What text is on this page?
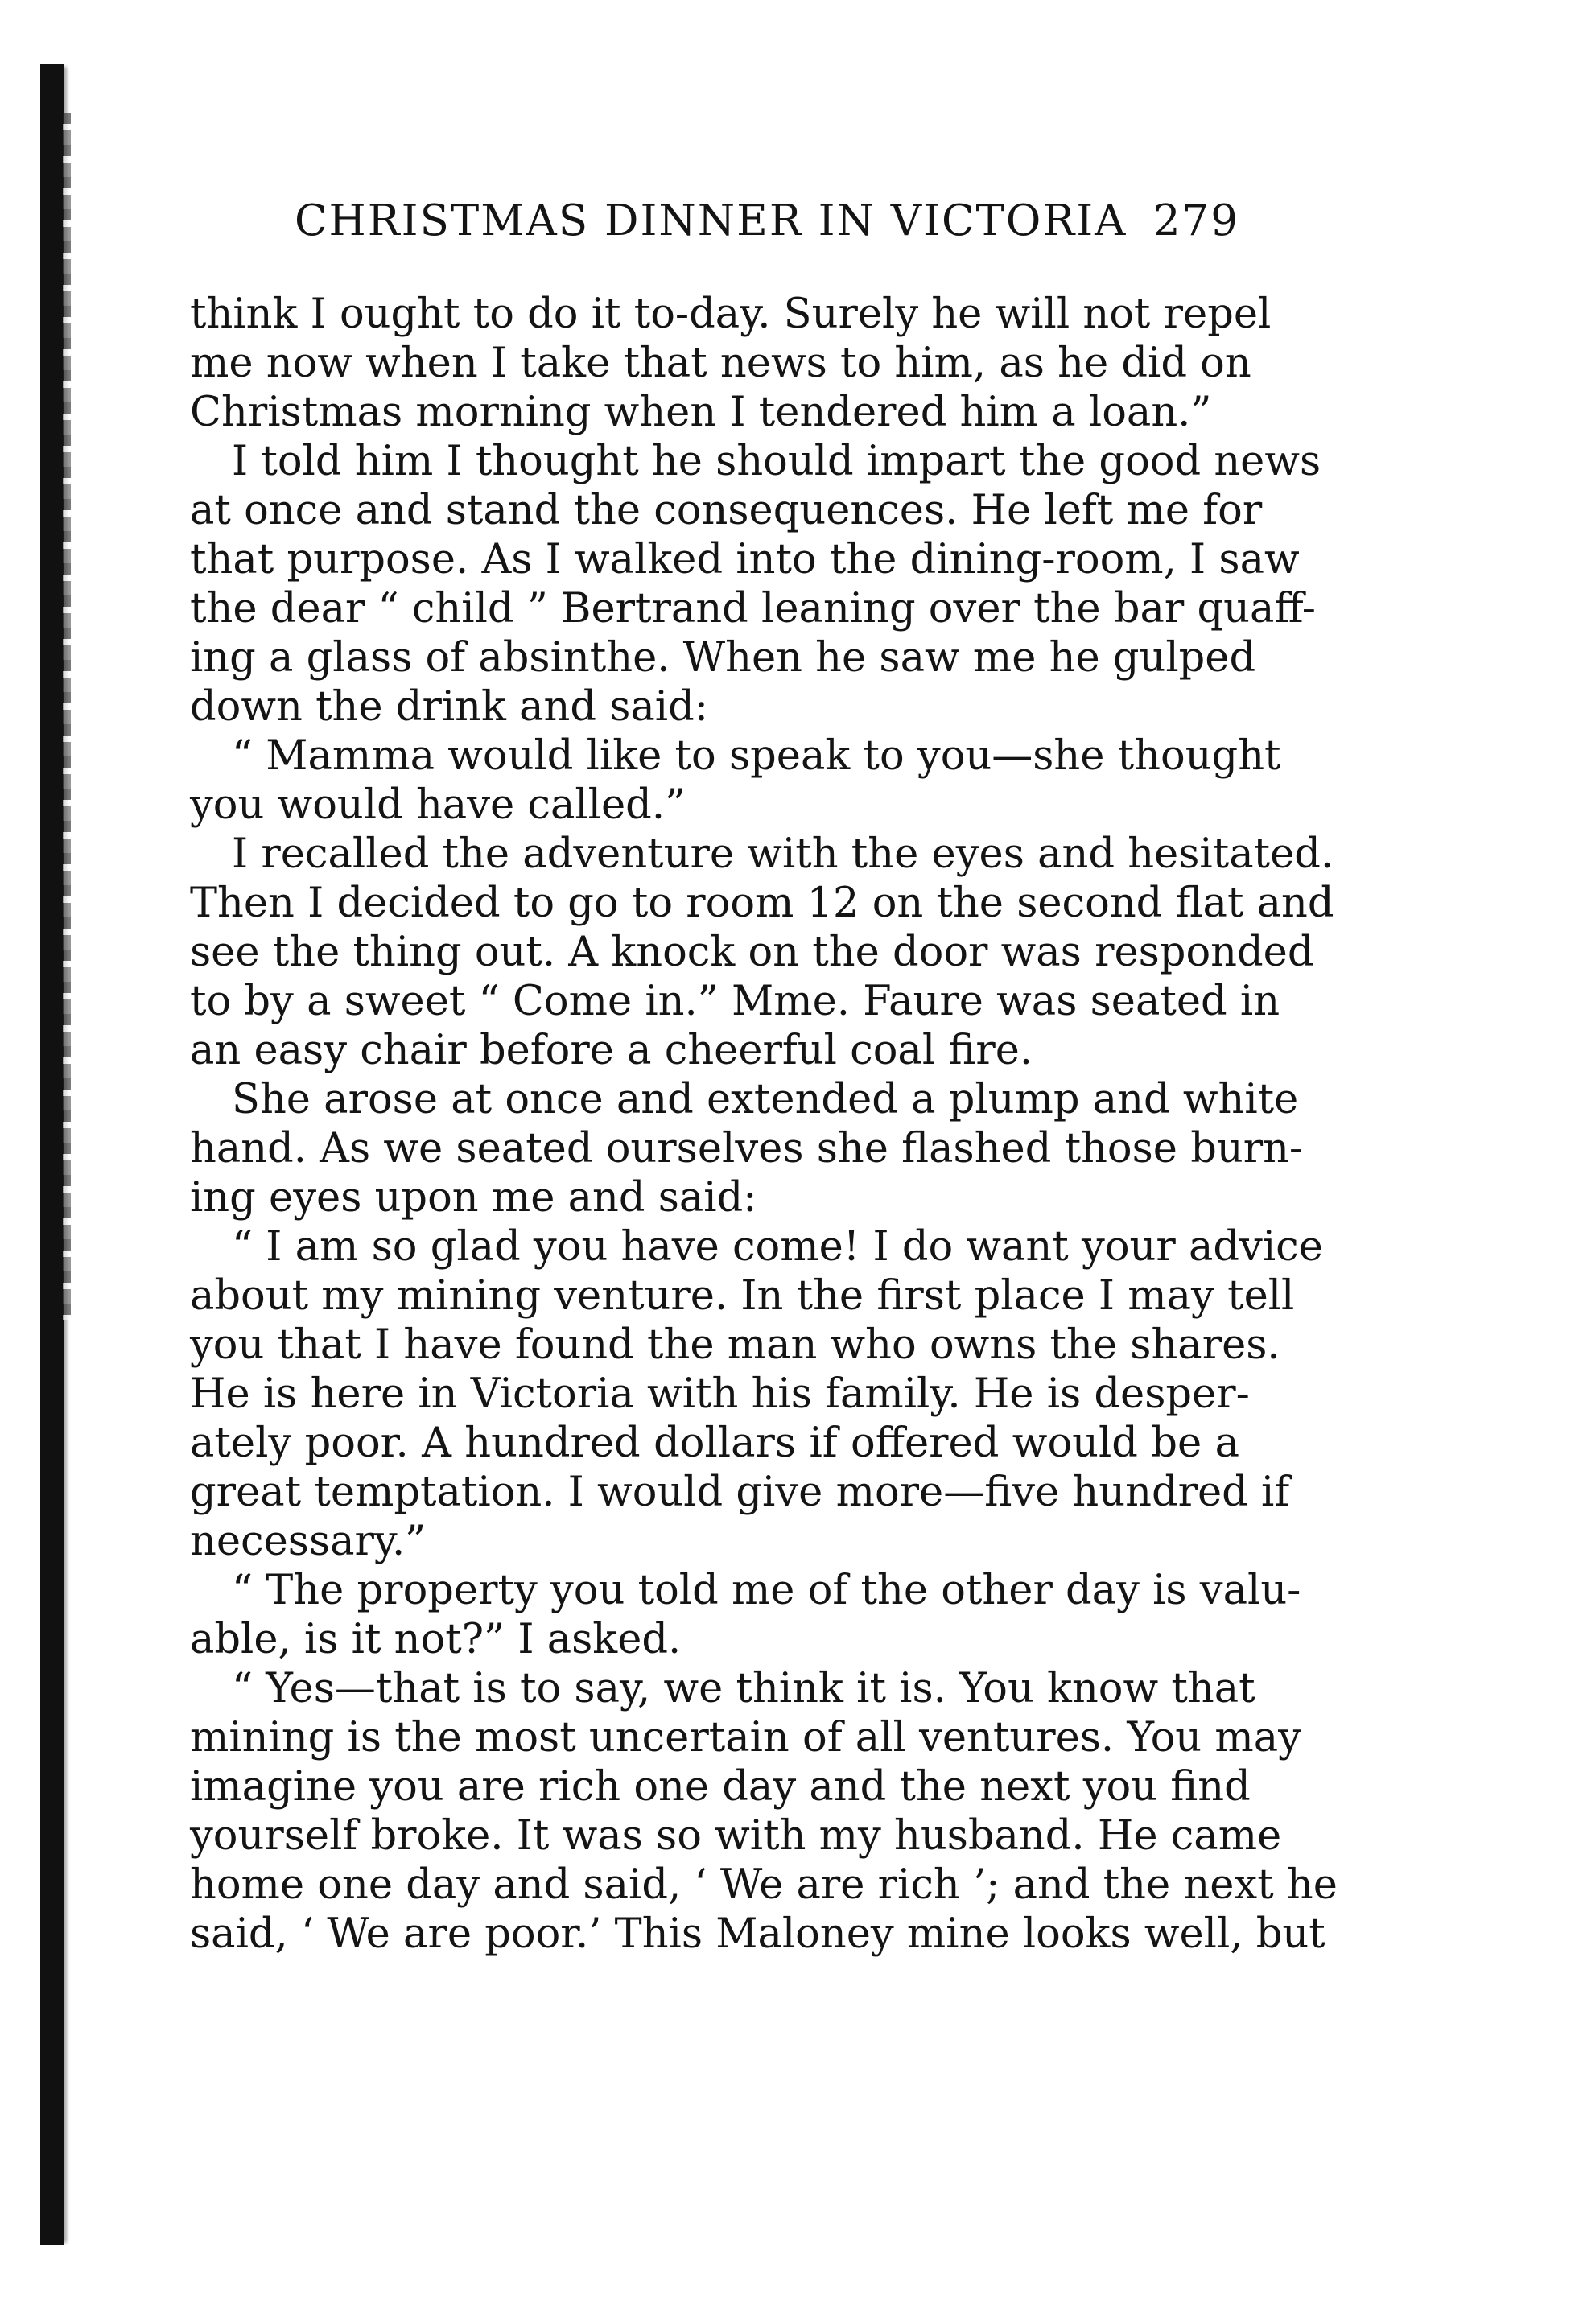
CHRISTMAS DINNER IN VICTORIA 279
think I ought to do it to-day. Surely he will not repel
me now when I take that news to him, as he did on
Christmas morning when I tendered him a loan.”
I told him I thought he should impart the good news
at once and stand the consequences. He left me for
that purpose. As I walked into the dining-room, I saw
the dear “ child ” Bertrand leaning over the bar quaff-
ing a glass of absinthe. When he saw me he gulped
down the drink and said:
“ Mamma would like to speak to you—she thought
you would have called.”
I recalled the adventure with the eyes and hesitated.
Then I decided to go to room 12 on the second flat and
see the thing out. A knock on the door was responded
to by a sweet “ Come in.” Mme. Faure was seated in
an easy chair before a cheerful coal fire.
She arose at once and extended a plump and white
hand. As we seated ourselves she flashed those burn-
ing eyes upon me and said:
“ I am so glad you have come! I do want your advice
about my mining venture. In the first place I may tell
you that I have found the man who owns the shares.
He is here in Victoria with his family. He is desper-
ately poor. A hundred dollars if offered would be a
great temptation. I would give more—five hundred if
necessary.”
“ The property you told me of the other day is valu-
able, is it not?” I asked.
“ Yes—that is to say, we think it is. You know that
mining is the most uncertain of all ventures. You may
imagine you are rich one day and the next you find
yourself broke. It was so with my husband. He came
home one day and said, ‘ We are rich ’; and the next he
said, ‘ We are poor.’ This Maloney mine looks well, but
